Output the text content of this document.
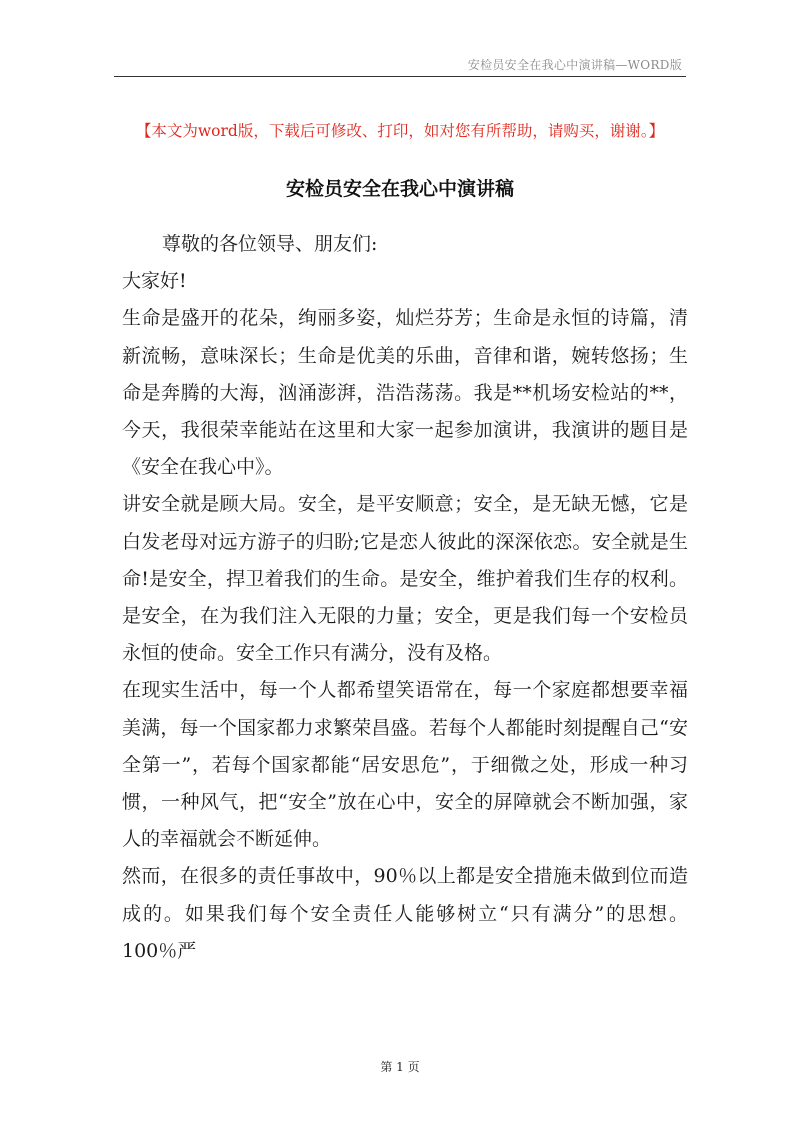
安检员安全在我心中演讲稿—WORD版
【本文为word版，下载后可修改、打印，如对您有所帮助，请购买，谢谢。】
安检员安全在我心中演讲稿

尊敬的各位领导、朋友们:

大家好!

生命是盛开的花朵，绚丽多姿，灿烂芬芳；生命是永恒的诗篇，清新流畅，意味深长；生命是优美的乐曲，音律和谐，婉转悠扬；生命是奔腾的大海，汹涌澎湃，浩浩荡荡。我是**机场安检站的**，今天，我很荣幸能站在这里和大家一起参加演讲，我演讲的题目是《安全在我心中》。

讲安全就是顾大局。安全，是平安顺意；安全，是无缺无憾，它是白发老母对远方游子的归盼;它是恋人彼此的深深依恋。安全就是生命!是安全，捍卫着我们的生命。是安全，维护着我们生存的权利。是安全，在为我们注入无限的力量；安全，更是我们每一个安检员永恒的使命。安全工作只有满分，没有及格。

在现实生活中，每一个人都希望笑语常在，每一个家庭都想要幸福美满，每一个国家都力求繁荣昌盛。若每个人都能时刻提醒自己“安全第一”，若每个国家都能“居安思危”，于细微之处，形成一种习惯，一种风气，把“安全”放在心中，安全的屏障就会不断加强，家人的幸福就会不断延伸。

然而，在很多的责任事故中，90％以上都是安全措施未做到位而造成的。如果我们每个安全责任人能够树立“只有满分”的思想。100％严

第 1 页
